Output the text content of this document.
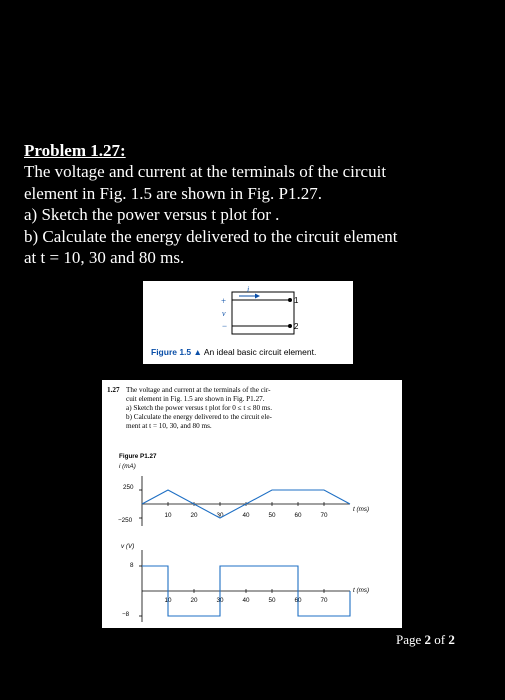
Problem 1.27:
The voltage and current at the terminals of the circuit
element in Fig. 1.5 are shown in Fig. P1.27.
a) Sketch the power versus t plot for .
b) Calculate the energy delivered to the circuit element
at t = 10, 30 and 80 ms.
i
+
v
−
1
2
Figure 1.5 ▲ An ideal basic circuit element.
1.27 The voltage and current at the terminals of the cir-
cuit element in Fig. 1.5 are shown in Fig. P1.27.
a) Sketch the power versus t plot for 0 ≤ t ≤ 80 ms.
b) Calculate the energy delivered to the circuit ele-
ment at t = 10, 30, and 80 ms.
Figure P1.27
i (mA)
250
−250
t (ms)
v (V)
8
−8
t (ms)
10	20	30	40	50	60	70
10	20	30	40	50	60	70
Page 2 of 2
